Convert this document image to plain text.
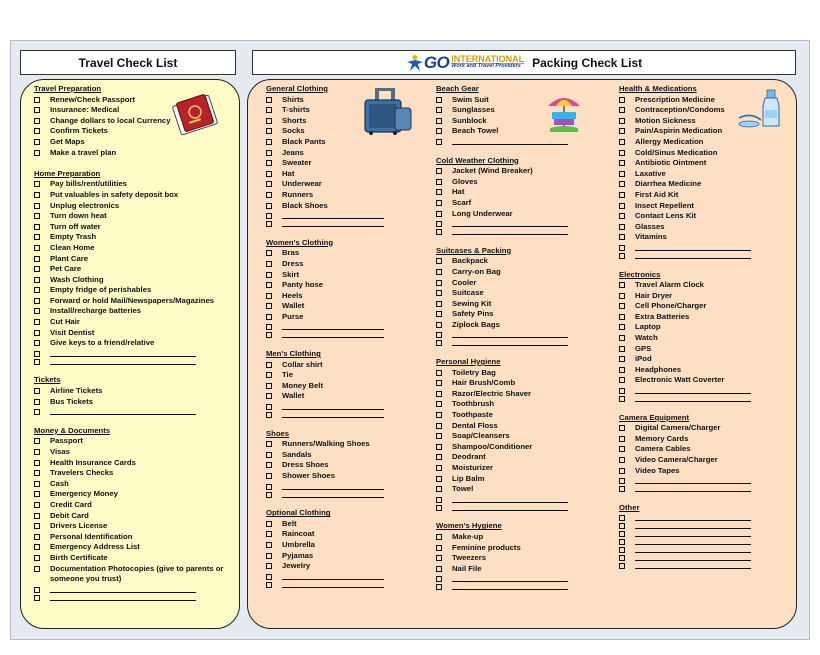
Travel Check List	GO INTERNATIONAL
Work and Travel Providers Packing Check List
Travel Preparation
Renew/Check Passport
Insurance: Medical
Change dollars to local Currency
Confirm Tickets
Get Maps
Make a travel plan
Home Preparation
Pay bills/rent/utilities
Put valuables in safety deposit box
Unplug electronics
Turn down heat
Turn off water
Empty Trash
Clean Home
Plant Care
Pet Care
Wash Clothing
Empty fridge of perishables
Forward or hold Mail/Newspapers/Magazines
Install/recharge batteries
Cut Hair
Visit Dentist
Give keys to a friend/relative
Tickets
Airline Tickets
Bus Tickets
Money & Documents
Passport
Visas
Health Insurance Cards
Travelers Checks
Cash
Emergency Money
Credit Card
Debit Card
Drivers License
Personal Identification
Emergency Address List
Birth Certificate
Documentation Photocopies (give to parents or someone you trust)
General Clothing
Shirts
T-shirts
Shorts
Socks
Black Pants
Jeans
Sweater
Hat
Underwear
Runners
Black Shoes
Women's Clothing
Bras
Dress
Skirt
Panty hose
Heels
Wallet
Purse
Men's Clothing
Collar shirt
Tie
Money Belt
Wallet
Shoes
Runners/Walking Shoes
Sandals
Dress Shoes
Shower Shoes
Optional Clothing
Belt
Raincoat
Umbrella
Pyjamas
Jewelry
Beach Gear
Swim Suit
Sunglasses
Sunblock
Beach Towel
Cold Weather Clothing
Jacket (Wind Breaker)
Gloves
Hat
Scarf
Long Underwear
Suitcases & Packing
Backpack
Carry-on Bag
Cooler
Suitcase
Sewing Kit
Safety Pins
Ziplock Bags
Personal Hygiene
Toiletry Bag
Hair Brush/Comb
Razor/Electric Shaver
Toothbrush
Toothpaste
Dental Floss
Soap/Cleansers
Shampoo/Conditioner
Deodrant
Moisturizer
Lip Balm
Towel
Women's Hygiene
Make-up
Feminine products
Tweezers
Nail File
Health & Medications
Prescription Medicine
Contraception/Condoms
Motion Sickness
Pain/Aspirin Medication
Allergy Medication
Cold/Sinus Medication
Antibiotic Ointment
Laxative
Diarrhea Medicine
First Aid Kit
Insect Repellent
Contact Lens Kit
Glasses
Vitamins
Electronics
Travel Alarm Clock
Hair Dryer
Cell Phone/Charger
Extra Batteries
Laptop
Watch
GPS
iPod
Headphones
Electronic Watt Coverter
Camera Equipment
Digital Camera/Charger
Memory Cards
Camera Cables
Video Camera/Charger
Video Tapes
Other
